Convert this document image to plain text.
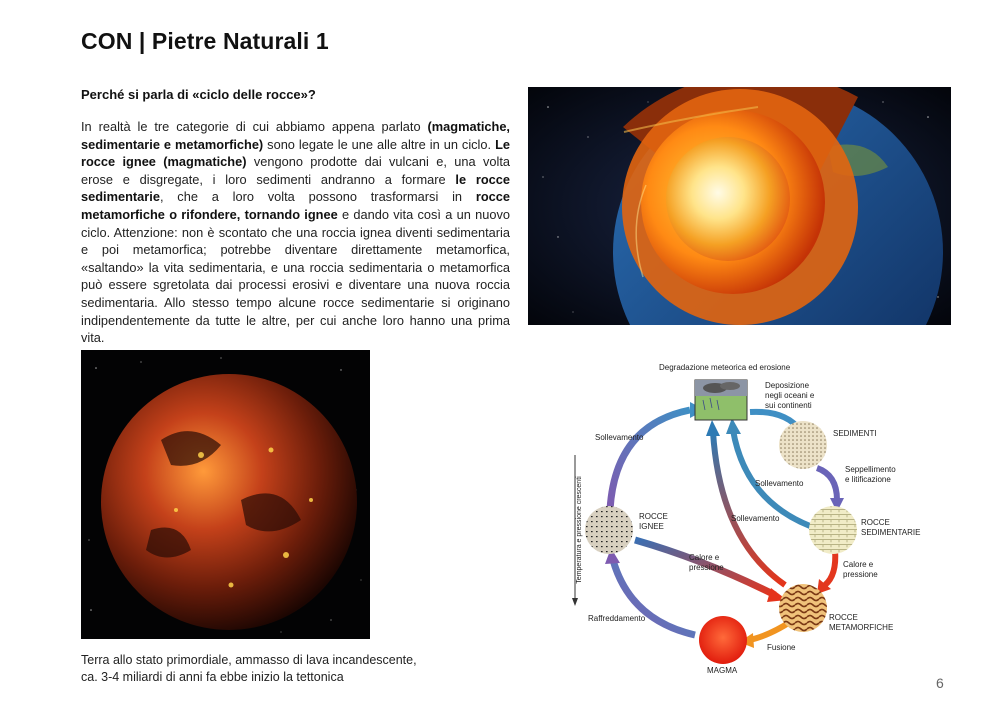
CON | Pietre Naturali 1

Perché si parla di «ciclo delle rocce»?

In realtà le tre categorie di cui abbiamo appena parlato (magmatiche, sedimentarie e metamorfiche) sono legate le une alle altre in un ciclo. Le rocce ignee (magmatiche) vengono prodotte dai vulcani e, una volta erose e disgregate, i loro sedimenti andranno a formare le rocce sedimentarie, che a loro volta possono trasformarsi in rocce metamorfiche o rifondere, tornando ignee e dando vita così a un nuovo ciclo. Attenzione: non è scontato che una roccia ignea diventi sedimentaria e poi metamorfica; potrebbe diventare direttamente metamorfica, «saltando» la vita sedimentaria, e una roccia sedimentaria o metamorfica può essere sgretolata dai processi erosivi e diventare una nuova roccia sedimentaria. Allo stesso tempo alcune rocce sedimentarie si originano indipendentemente da tutte le altre, per cui anche loro hanno una prima vita.

Temperatura e pressione crescenti
Degradazione meteorica ed erosione
Deposizione
negli oceani e
sui continenti
SEDIMENTI
Seppellimento
e litificazione
Sollevamento
Sollevamento
Sollevamento
ROCCE
IGNEE	ROCCE
SEDIMENTARIE
Calore e
pressione	Calore e
pressione
ROCCE
METAMORFICHE
Fusione
Raffreddamento
MAGMA

Terra allo stato primordiale, ammasso di lava incandescente,
ca. 3-4 miliardi di anni fa ebbe inizio la tettonica	6
